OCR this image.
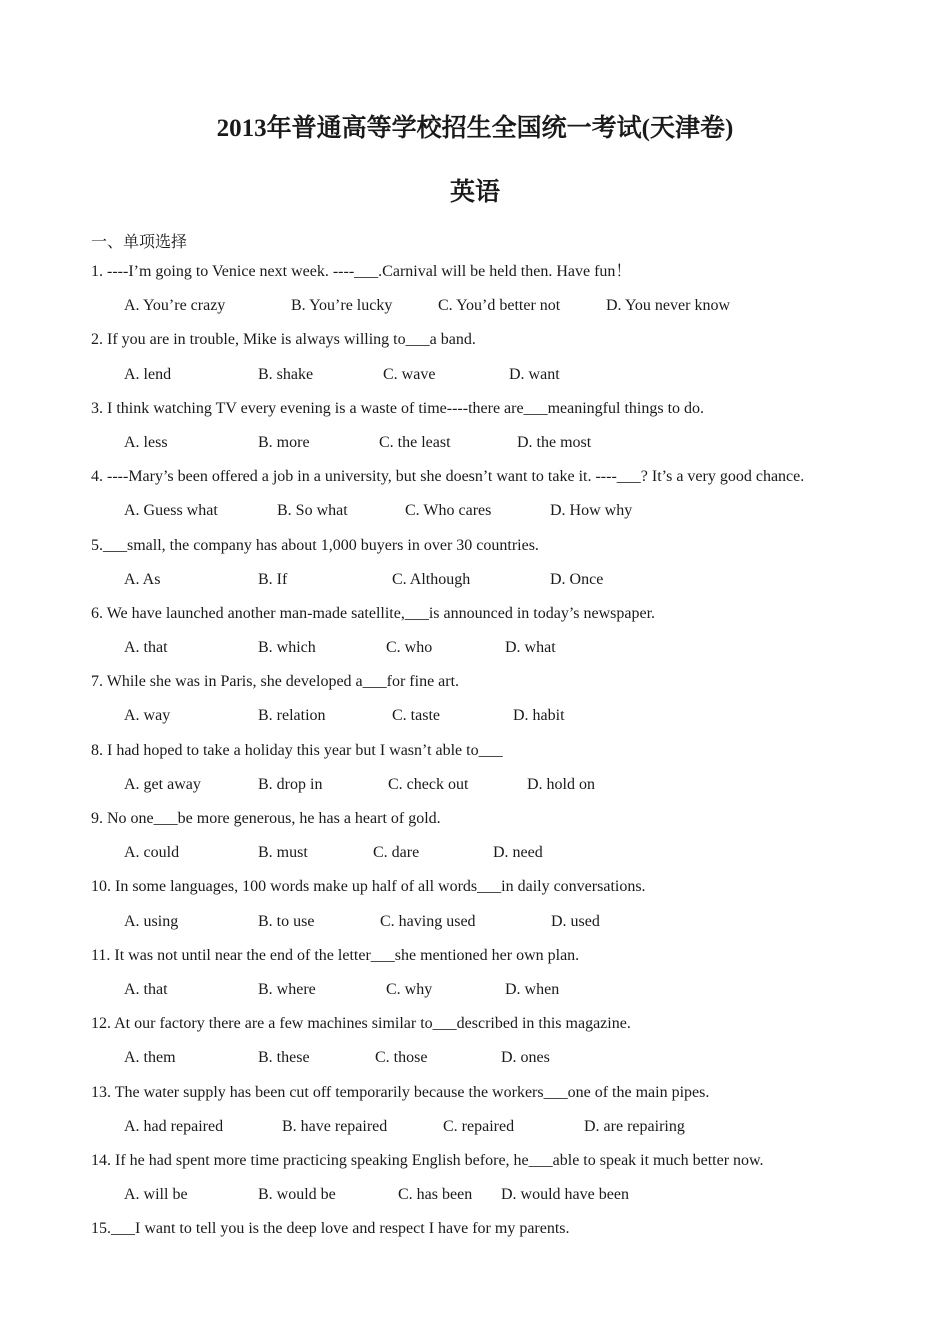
2013年普通高等学校招生全国统一考试(天津卷)
英语
一、单项选择
1. ----I’m going to Venice next week. ----___.Carnival will be held then. Have fun！
A. You’re crazy	B. You’re lucky	C. You’d better not	D. You never know
2. If you are in trouble, Mike is always willing to___a band.
A. lend	B. shake	C. wave	D. want
3. I think watching TV every evening is a waste of time----there are___meaningful things to do.
A. less	B. more	C. the least	D. the most
4. ----Mary’s been offered a job in a university, but she doesn’t want to take it. ----___? It’s a very good chance.
A. Guess what	B. So what	C. Who cares	D. How why
5.___small, the company has about 1,000 buyers in over 30 countries.
A. As	B. If	C. Although	D. Once
6. We have launched another man-made satellite,___is announced in today’s newspaper.
A. that	B. which	C. who	D. what
7. While she was in Paris, she developed a___for fine art.
A. way	B. relation	C. taste	D. habit
8. I had hoped to take a holiday this year but I wasn’t able to___
A. get away	B. drop in	C. check out	D. hold on
9. No one___be more generous, he has a heart of gold.
A. could	B. must	C. dare	D. need
10. In some languages, 100 words make up half of all words___in daily conversations.
A. using	B. to use	C. having used	D. used
11. It was not until near the end of the letter___she mentioned her own plan.
A. that	B. where	C. why	D. when
12. At our factory there are a few machines similar to___described in this magazine.
A. them	B. these	C. those	D. ones
13. The water supply has been cut off temporarily because the workers___one of the main pipes.
A. had repaired	B. have repaired	C. repaired	D. are repairing
14. If he had spent more time practicing speaking English before, he___able to speak it much better now.
A. will be	B. would be	C. has been D. would have been
15.___I want to tell you is the deep love and respect I have for my parents.
